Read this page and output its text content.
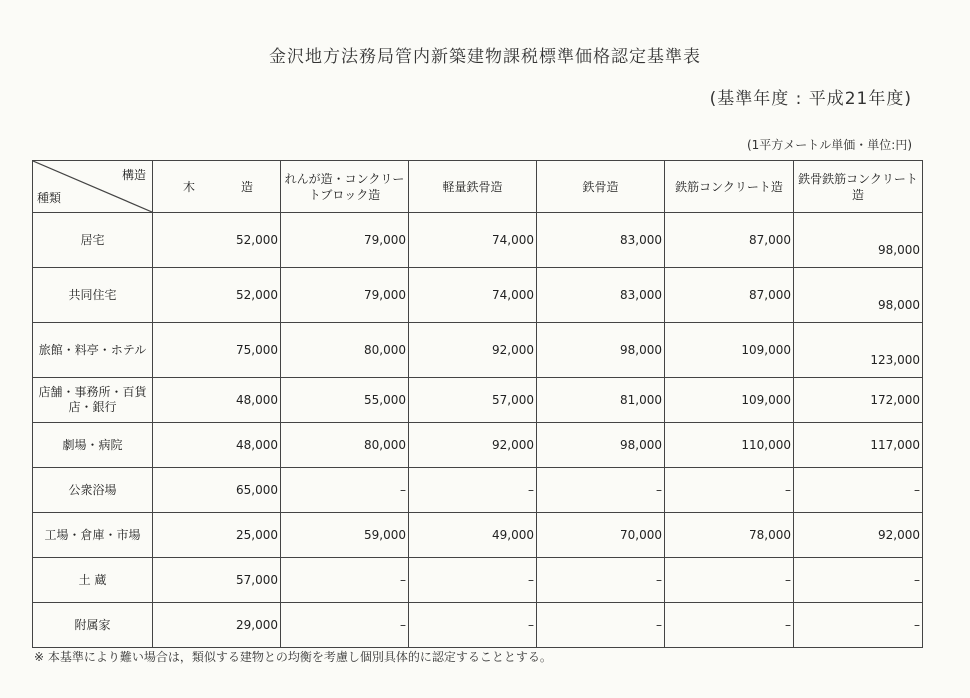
金沢地方法務局管内新築建物課税標準価格認定基準表
(基準年度 : 平成21年度)
(1平方メートル単価・単位:円)
構造
種類	木 造	れんが造・コンクリートブロック造	軽量鉄骨造	鉄骨造	鉄筋コンクリート造	鉄骨鉄筋コンクリート造
居宅	52,000	79,000	74,000	83,000	87,000	98,000
共同住宅	52,000	79,000	74,000	83,000	87,000	98,000
旅館・料亭・ホテル	75,000	80,000	92,000	98,000	109,000	123,000
店舗・事務所・百貨店・銀行	48,000	55,000	57,000	81,000	109,000	172,000
劇場・病院	48,000	80,000	92,000	98,000	110,000	117,000
公衆浴場	65,000	–	–	–	–	–
工場・倉庫・市場	25,000	59,000	49,000	70,000	78,000	92,000
土 蔵	57,000	–	–	–	–	–
附属家	29,000	–	–	–	–	–
※ 本基準により難い場合は，類似する建物との均衡を考慮し個別具体的に認定することとする。
